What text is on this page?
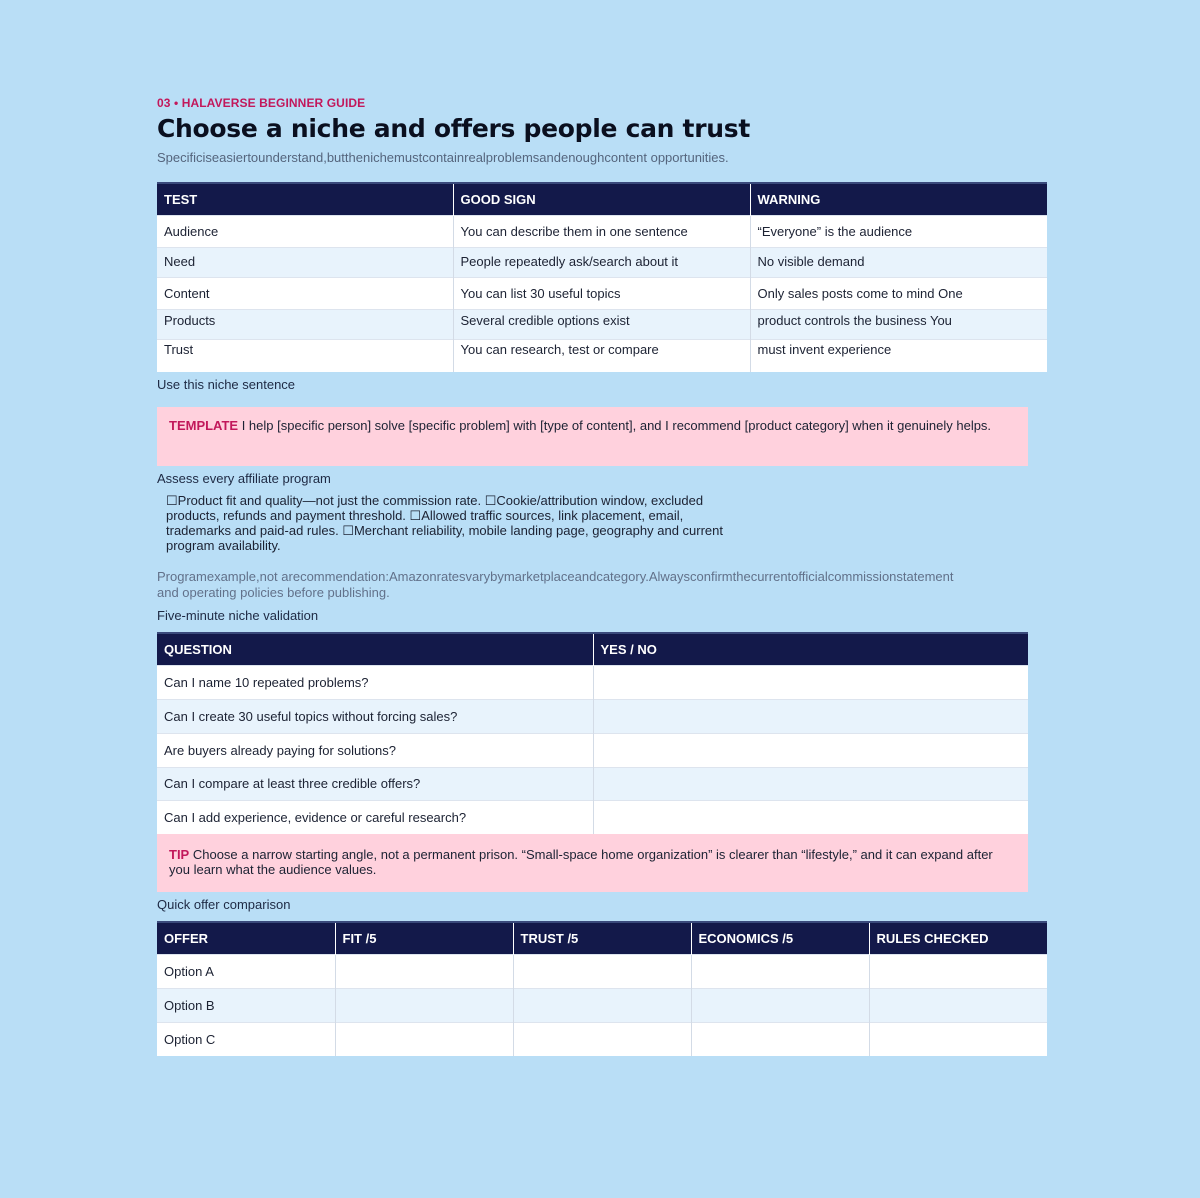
03 • HALAVERSE BEGINNER GUIDE
Choose a niche and offers people can trust
Specificiseasiertounderstand,butthenichemustcontainrealproblemsandenoughcontent opportunities.
TEST	GOOD SIGN	WARNING
Audience	You can describe them in one sentence	“Everyone” is the audience
Need	People repeatedly ask/search about it	No visible demand
Content	You can list 30 useful topics	Only sales posts come to mind One
Products	Several credible options exist	product controls the business You
Trust	You can research, test or compare	must invent experience
Use this niche sentence
TEMPLATE I help [specific person] solve [specific problem] with [type of content], and I recommend [product category] when it genuinely helps.
Assess every affiliate program
☐Product fit and quality—not just the commission rate. ☐Cookie/attribution window, excluded products, refunds and payment threshold. ☐Allowed traffic sources, link placement, email, trademarks and paid-ad rules. ☐Merchant reliability, mobile landing page, geography and current program availability.
Programexample,not arecommendation:Amazonratesvarybymarketplaceandcategory.Alwaysconfirmthecurrentofficialcommissionstatement and operating policies before publishing.
Five-minute niche validation
QUESTION	YES / NO
Can I name 10 repeated problems?	
Can I create 30 useful topics without forcing sales?	
Are buyers already paying for solutions?	
Can I compare at least three credible offers?	
Can I add experience, evidence or careful research?	
TIP Choose a narrow starting angle, not a permanent prison. “Small-space home organization” is clearer than “lifestyle,” and it can expand after you learn what the audience values.
Quick offer comparison
OFFER	FIT /5	TRUST /5	ECONOMICS /5	RULES CHECKED
Option A				
Option B				
Option C				
